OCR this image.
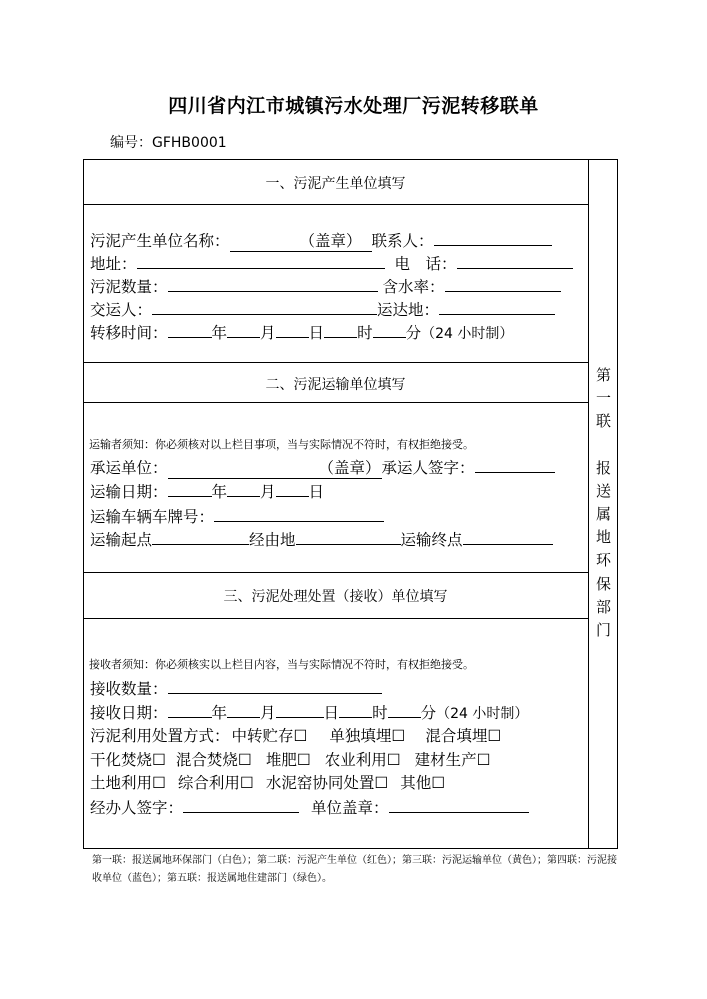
四川省内江市城镇污水处理厂污泥转移联单
编号：GFHB0001
一、污泥产生单位填写
污泥产生单位名称：	（盖章） 联系人：
地址：	电　话：
污泥数量：	含水率：
交运人：	运达地：
转移时间：	年 月 日 时 分（24 小时制）
二、污泥运输单位填写
运输者须知：你必须核对以上栏目事项，当与实际情况不符时，有权拒绝接受。
承运单位：	（盖章）承运人签字：
运输日期：	年 月 日
运输车辆车牌号：
运输起点	经由地	运输终点
三、污泥处理处置（接收）单位填写
接收者须知：你必须核实以上栏目内容，当与实际情况不符时，有权拒绝接受。
接收数量：
接收日期：	年 月	日 时 分（24 小时制）
污泥利用处置方式： 中转贮存☐ 单独填埋☐ 混合填埋☐
干化焚烧☐ 混合焚烧☐ 堆肥☐ 农业利用☐ 建材生产☐
土地利用☐ 综合利用☐ 水泥窑协同处置☐ 其他☐
经办人签字：	单位盖章：
第
一
联
报
送
属
地
环
保
部
门
第一联：报送属地环保部门（白色）；第二联：污泥产生单位（红色）；第三联：污泥运输单位（黄色）；第四联：污泥接收单位（蓝色）；第五联：报送属地住建部门（绿色）。
